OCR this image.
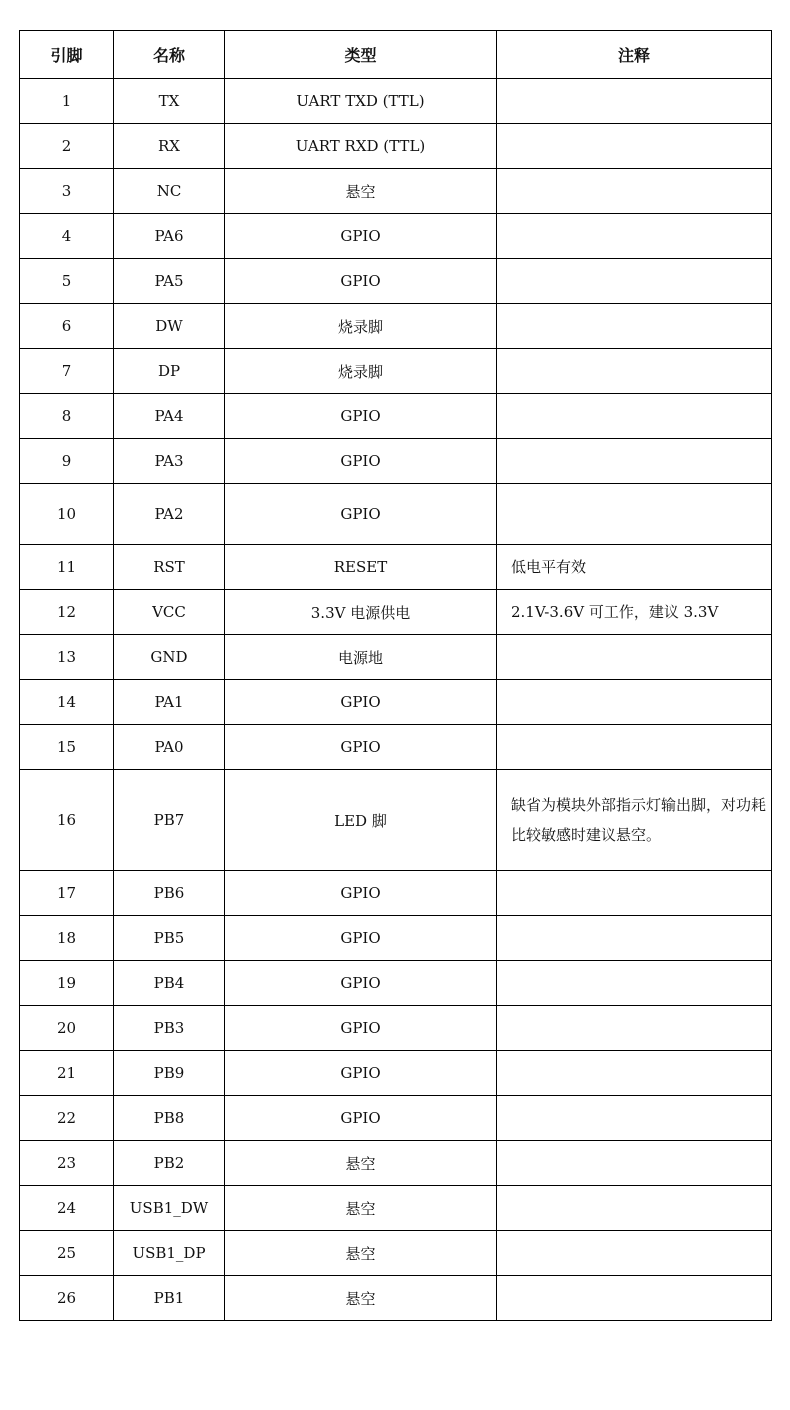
引脚	名称	类型	注释
1	TX	UART TXD (TTL)	
2	RX	UART RXD (TTL)	
3	NC	悬空	
4	PA6	GPIO	
5	PA5	GPIO	
6	DW	烧录脚	
7	DP	烧录脚	
8	PA4	GPIO	
9	PA3	GPIO	
10	PA2	GPIO	
11	RST	RESET	低电平有效
12	VCC	3.3V 电源供电	2.1V-3.6V 可工作，建议 3.3V
13	GND	电源地	
14	PA1	GPIO	
15	PA0	GPIO	
16	PB7	LED 脚	缺省为模块外部指示灯输出脚，对功耗比较敏感时建议悬空。
17	PB6	GPIO	
18	PB5	GPIO	
19	PB4	GPIO	
20	PB3	GPIO	
21	PB9	GPIO	
22	PB8	GPIO	
23	PB2	悬空	
24	USB1_DW	悬空	
25	USB1_DP	悬空	
26	PB1	悬空	
